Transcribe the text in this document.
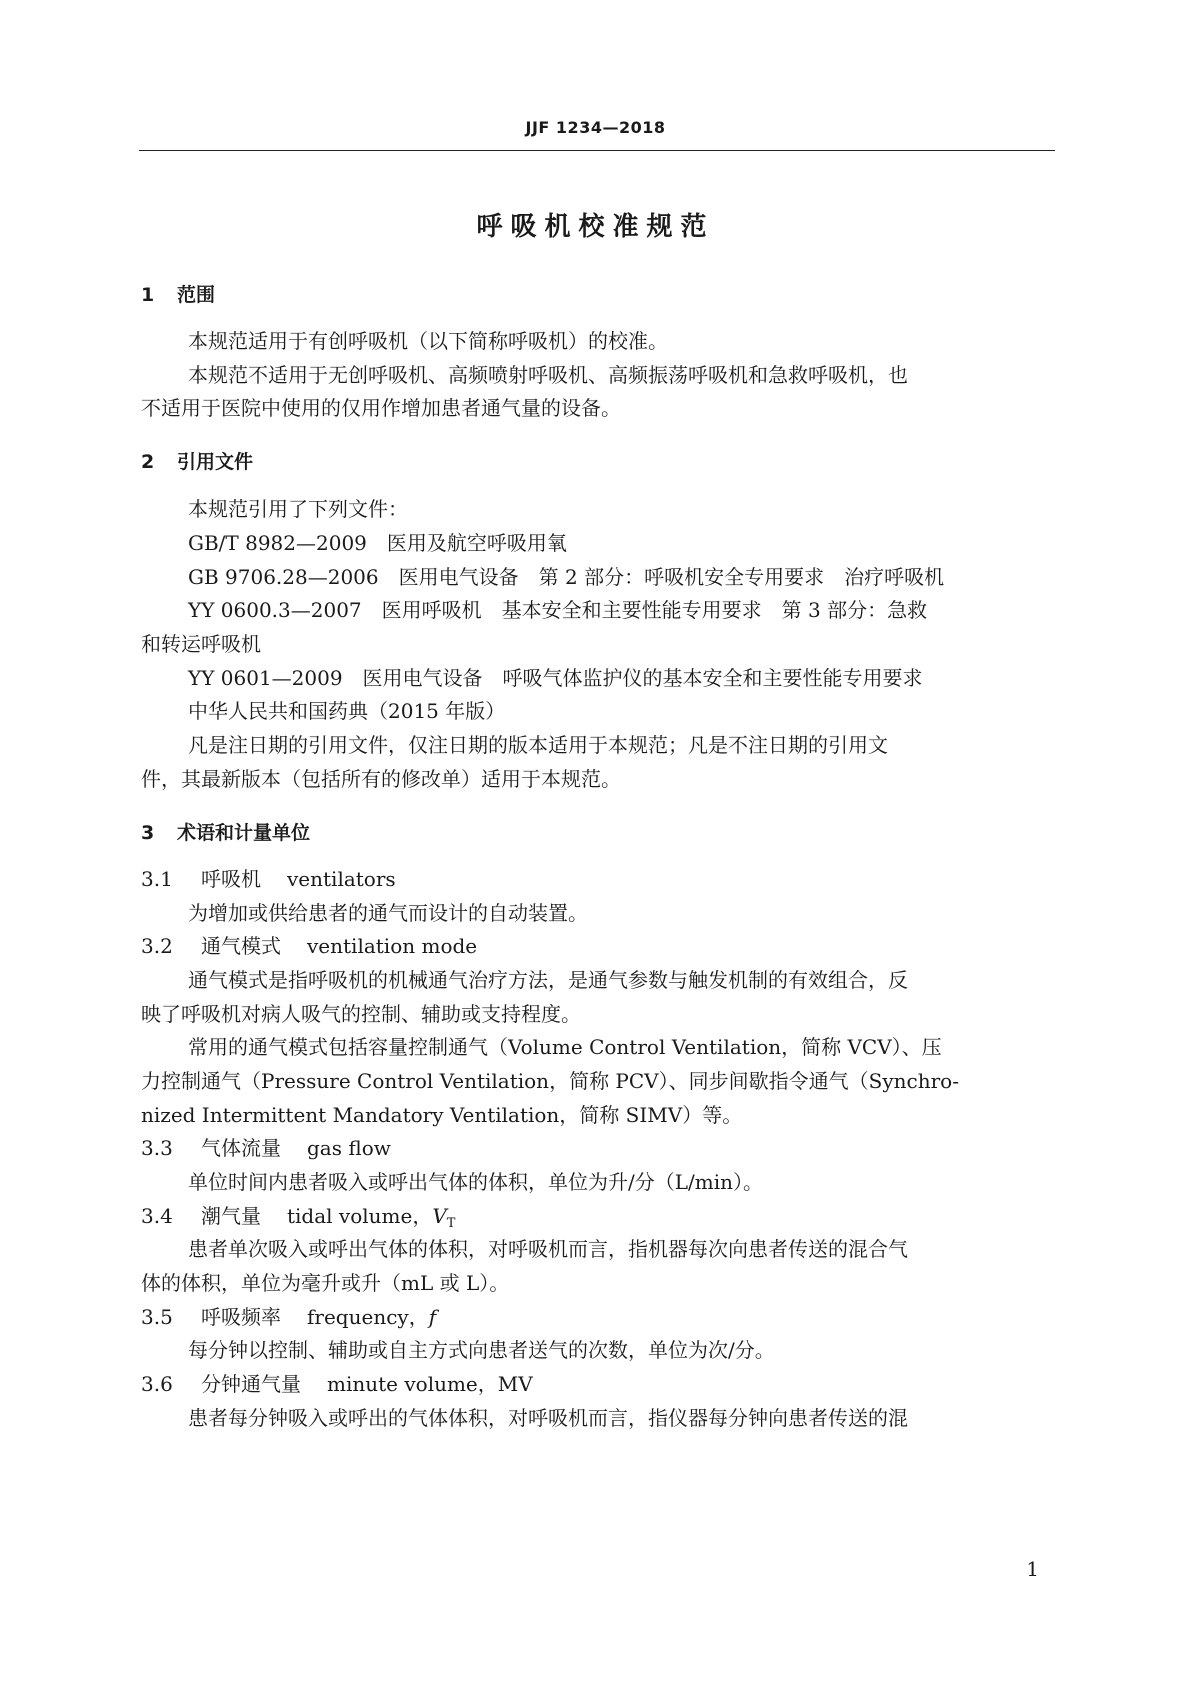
JJF 1234—2018
呼吸机校准规范
1 范围
本规范适用于有创呼吸机（以下简称呼吸机）的校准。
本规范不适用于无创呼吸机、高频喷射呼吸机、高频振荡呼吸机和急救呼吸机，也
不适用于医院中使用的仅用作增加患者通气量的设备。
2 引用文件
本规范引用了下列文件：
GB/T 8982—2009　医用及航空呼吸用氧
GB 9706.28—2006　医用电气设备　第 2 部分：呼吸机安全专用要求　治疗呼吸机
YY 0600.3—2007　医用呼吸机　基本安全和主要性能专用要求　第 3 部分：急救
和转运呼吸机
YY 0601—2009　医用电气设备　呼吸气体监护仪的基本安全和主要性能专用要求
中华人民共和国药典（2015 年版）
凡是注日期的引用文件，仅注日期的版本适用于本规范；凡是不注日期的引用文
件，其最新版本（包括所有的修改单）适用于本规范。
3 术语和计量单位
3.1 呼吸机 ventilators
为增加或供给患者的通气而设计的自动装置。
3.2 通气模式 ventilation mode
通气模式是指呼吸机的机械通气治疗方法，是通气参数与触发机制的有效组合，反
映了呼吸机对病人吸气的控制、辅助或支持程度。
常用的通气模式包括容量控制通气（Volume Control Ventilation，简称 VCV）、压
力控制通气（Pressure Control Ventilation，简称 PCV）、同步间歇指令通气（Synchro-
nized Intermittent Mandatory Ventilation，简称 SIMV）等。
3.3 气体流量 gas flow
单位时间内患者吸入或呼出气体的体积，单位为升/分（L/min）。
3.4 潮气量 tidal volume，$V_T$
患者单次吸入或呼出气体的体积，对呼吸机而言，指机器每次向患者传送的混合气
体的体积，单位为毫升或升（mL 或 L）。
3.5 呼吸频率 frequency，f
每分钟以控制、辅助或自主方式向患者送气的次数，单位为次/分。
3.6 分钟通气量 minute volume，MV
患者每分钟吸入或呼出的气体体积，对呼吸机而言，指仪器每分钟向患者传送的混
1
